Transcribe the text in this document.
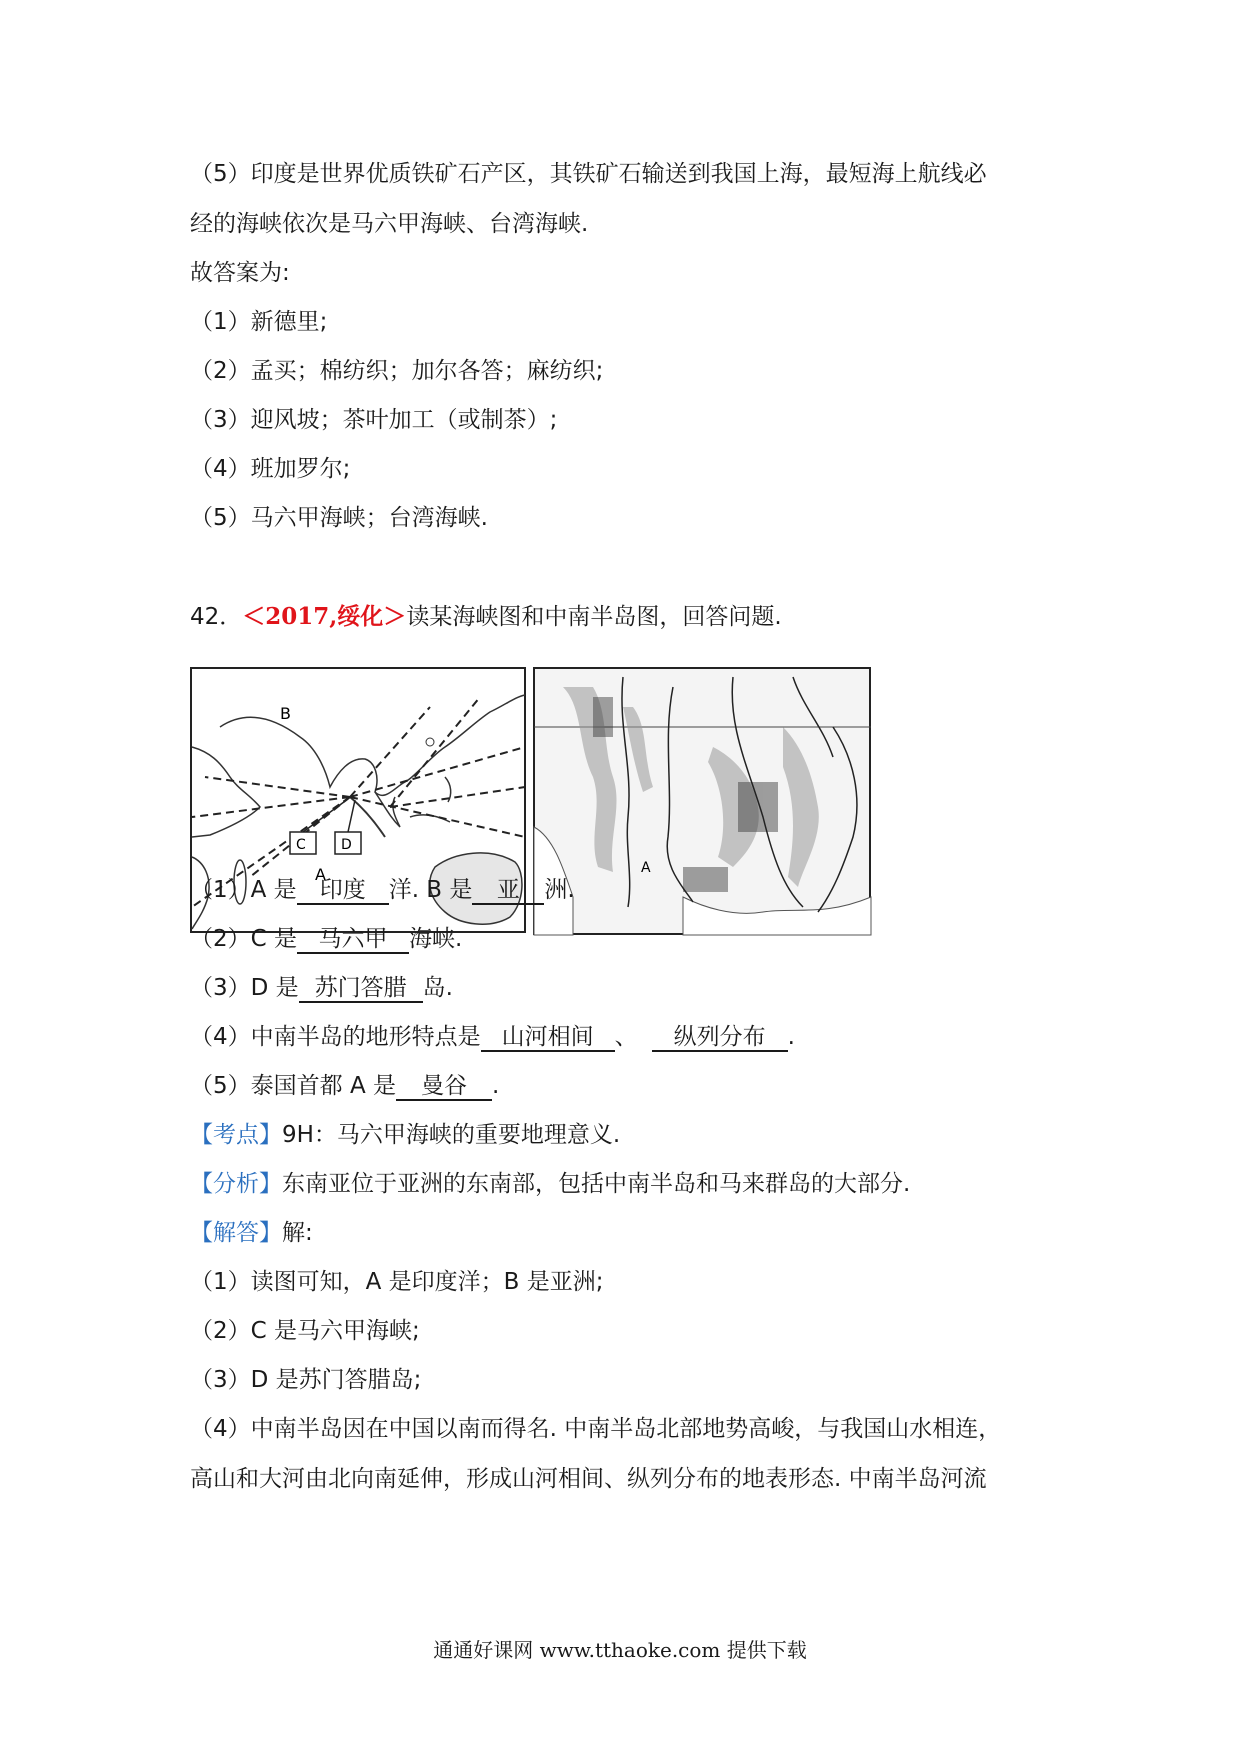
（5）印度是世界优质铁矿石产区，其铁矿石输送到我国上海，最短海上航线必
经的海峡依次是马六甲海峡、台湾海峡.
故答案为:
（1）新德里;
（2）孟买；棉纺织；加尔各答；麻纺织;
（3）迎风坡；茶叶加工（或制茶）;
（4）班加罗尔;
（5）马六甲海峡；台湾海峡.
42．＜2017,绥化＞读某海峡图和中南半岛图，回答问题.
C	D
B
A	A
（1）A 是 印度 洋. B 是 亚 洲.
（2）C 是 马六甲 海峡.
（3）D 是 苏门答腊 岛.
（4）中南半岛的地形特点是 山河相间 、 纵列分布 .
（5）泰国首都 A 是 曼谷 .
【考点】9H：马六甲海峡的重要地理意义.
【分析】东南亚位于亚洲的东南部，包括中南半岛和马来群岛的大部分.
【解答】解:
（1）读图可知，A 是印度洋；B 是亚洲;
（2）C 是马六甲海峡;
（3）D 是苏门答腊岛;
（4）中南半岛因在中国以南而得名. 中南半岛北部地势高峻，与我国山水相连，
高山和大河由北向南延伸，形成山河相间、纵列分布的地表形态. 中南半岛河流
通通好课网 www.tthaoke.com 提供下载
